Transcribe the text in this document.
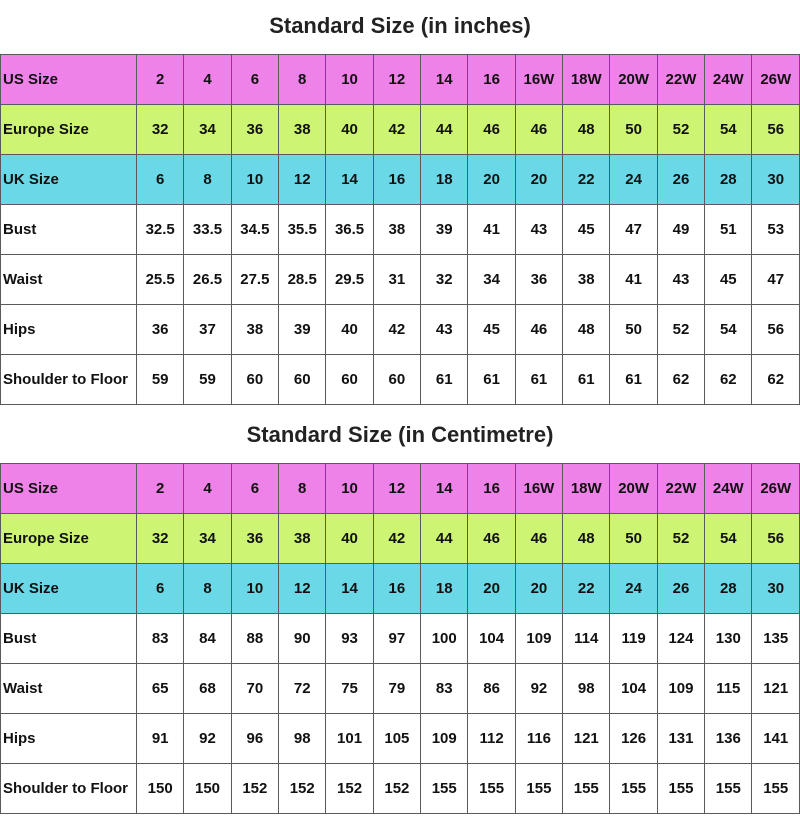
Standard Size (in inches)
US Size	2	4	6	8	10	12	14	16	16W	18W	20W	22W	24W	26W
Europe Size	32	34	36	38	40	42	44	46	46	48	50	52	54	56
UK Size	6	8	10	12	14	16	18	20	20	22	24	26	28	30
Bust	32.5	33.5	34.5	35.5	36.5	38	39	41	43	45	47	49	51	53
Waist	25.5	26.5	27.5	28.5	29.5	31	32	34	36	38	41	43	45	47
Hips	36	37	38	39	40	42	43	45	46	48	50	52	54	56
Shoulder to Floor	59	59	60	60	60	60	61	61	61	61	61	62	62	62
Standard Size (in Centimetre)
US Size	2	4	6	8	10	12	14	16	16W	18W	20W	22W	24W	26W
Europe Size	32	34	36	38	40	42	44	46	46	48	50	52	54	56
UK Size	6	8	10	12	14	16	18	20	20	22	24	26	28	30
Bust	83	84	88	90	93	97	100	104	109	114	119	124	130	135
Waist	65	68	70	72	75	79	83	86	92	98	104	109	115	121
Hips	91	92	96	98	101	105	109	112	116	121	126	131	136	141
Shoulder to Floor	150	150	152	152	152	152	155	155	155	155	155	155	155	155
